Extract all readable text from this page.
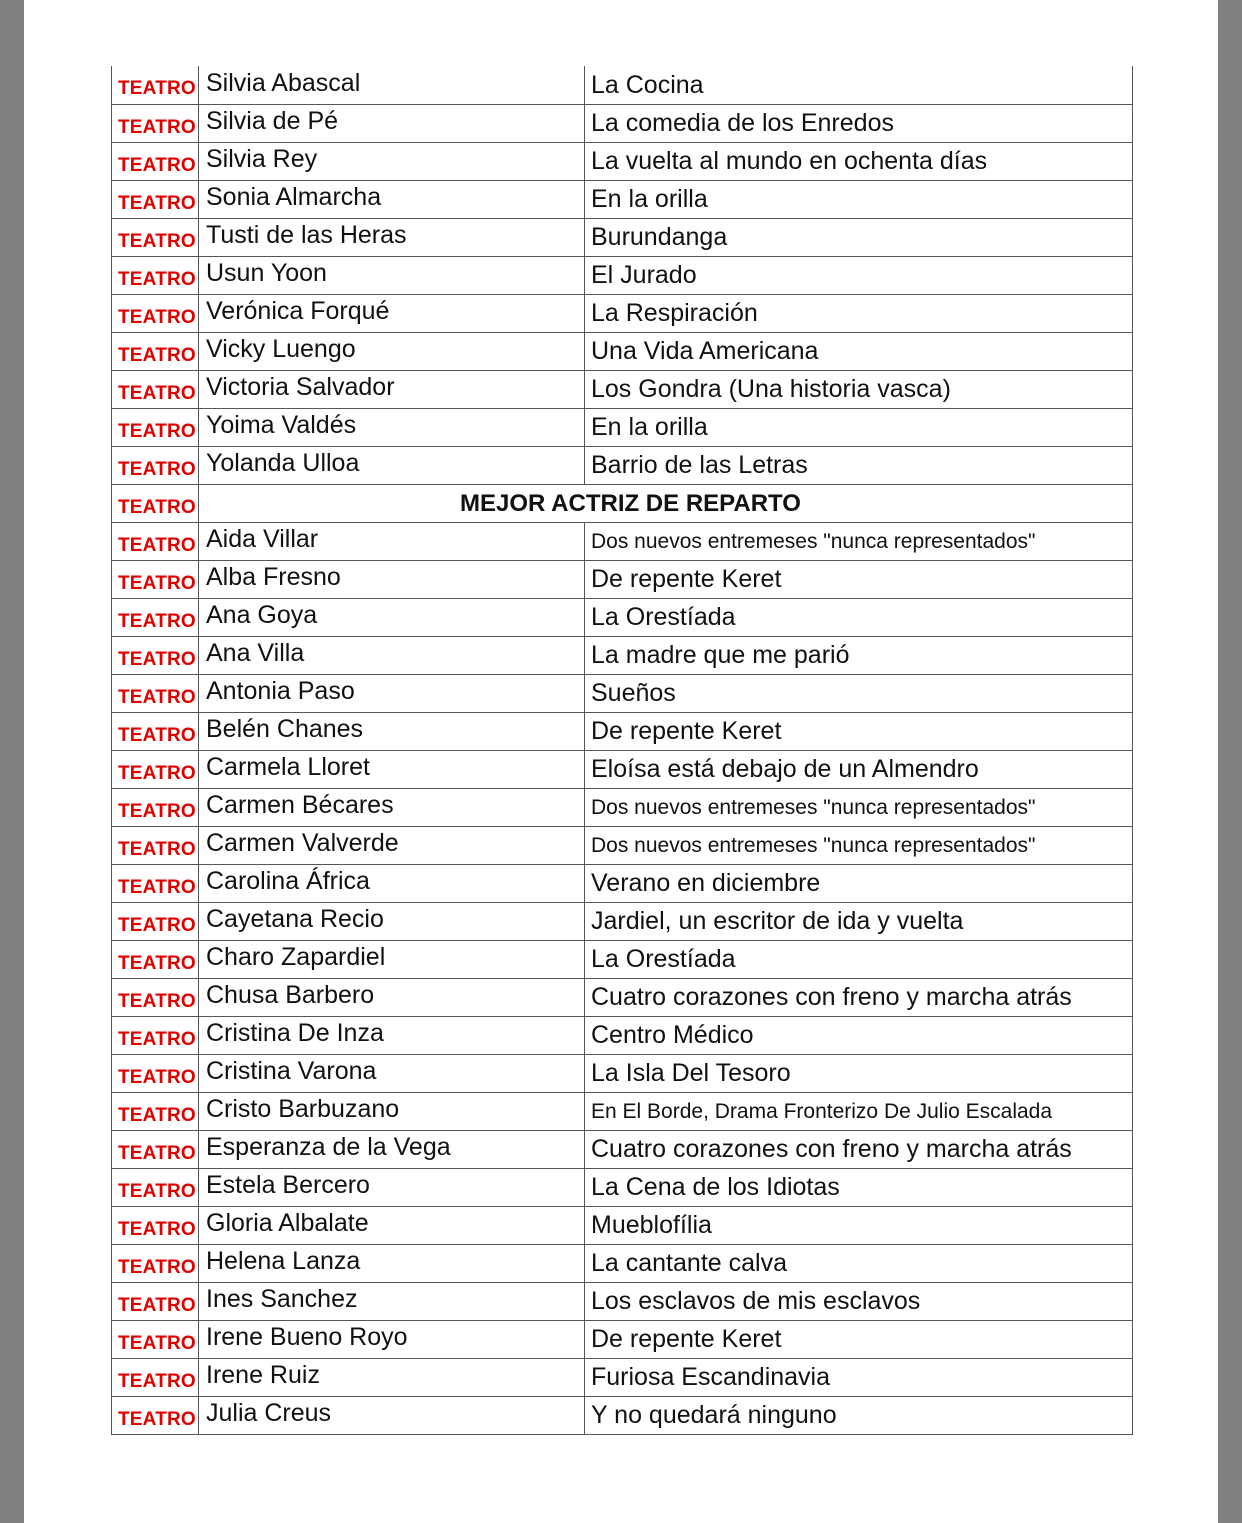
TEATRO Silvia Abascal	La Cocina
TEATRO Silvia de Pé	La comedia de los Enredos
TEATRO Silvia Rey	La vuelta al mundo en ochenta días
TEATRO Sonia Almarcha	En la orilla
TEATRO Tusti de las Heras	Burundanga
TEATRO Usun Yoon	El Jurado
TEATRO Verónica Forqué	La Respiración
TEATRO Vicky Luengo	Una Vida Americana
TEATRO Victoria Salvador	Los Gondra (Una historia vasca)
TEATRO Yoima Valdés	En la orilla
TEATRO Yolanda Ulloa	Barrio de las Letras
TEATRO	MEJOR ACTRIZ DE REPARTO
TEATRO Aida Villar	Dos nuevos entremeses "nunca representados"
TEATRO Alba Fresno	De repente Keret
TEATRO Ana Goya	La Orestíada
TEATRO Ana Villa	La madre que me parió
TEATRO Antonia Paso	Sueños
TEATRO Belén Chanes	De repente Keret
TEATRO Carmela Lloret	Eloísa está debajo de un Almendro
TEATRO Carmen Bécares	Dos nuevos entremeses "nunca representados"
TEATRO Carmen Valverde	Dos nuevos entremeses "nunca representados"
TEATRO Carolina África	Verano en diciembre
TEATRO Cayetana Recio	Jardiel, un escritor de ida y vuelta
TEATRO Charo Zapardiel	La Orestíada
TEATRO Chusa Barbero	Cuatro corazones con freno y marcha atrás
TEATRO Cristina De Inza	Centro Médico
TEATRO Cristina Varona	La Isla Del Tesoro
TEATRO Cristo Barbuzano	En El Borde, Drama Fronterizo De Julio Escalada
TEATRO Esperanza de la Vega	Cuatro corazones con freno y marcha atrás
TEATRO Estela Bercero	La Cena de los Idiotas
TEATRO Gloria Albalate	Mueblofília
TEATRO Helena Lanza	La cantante calva
TEATRO Ines Sanchez	Los esclavos de mis esclavos
TEATRO Irene Bueno Royo	De repente Keret
TEATRO Irene Ruiz	Furiosa Escandinavia
TEATRO Julia Creus	Y no quedará ninguno
